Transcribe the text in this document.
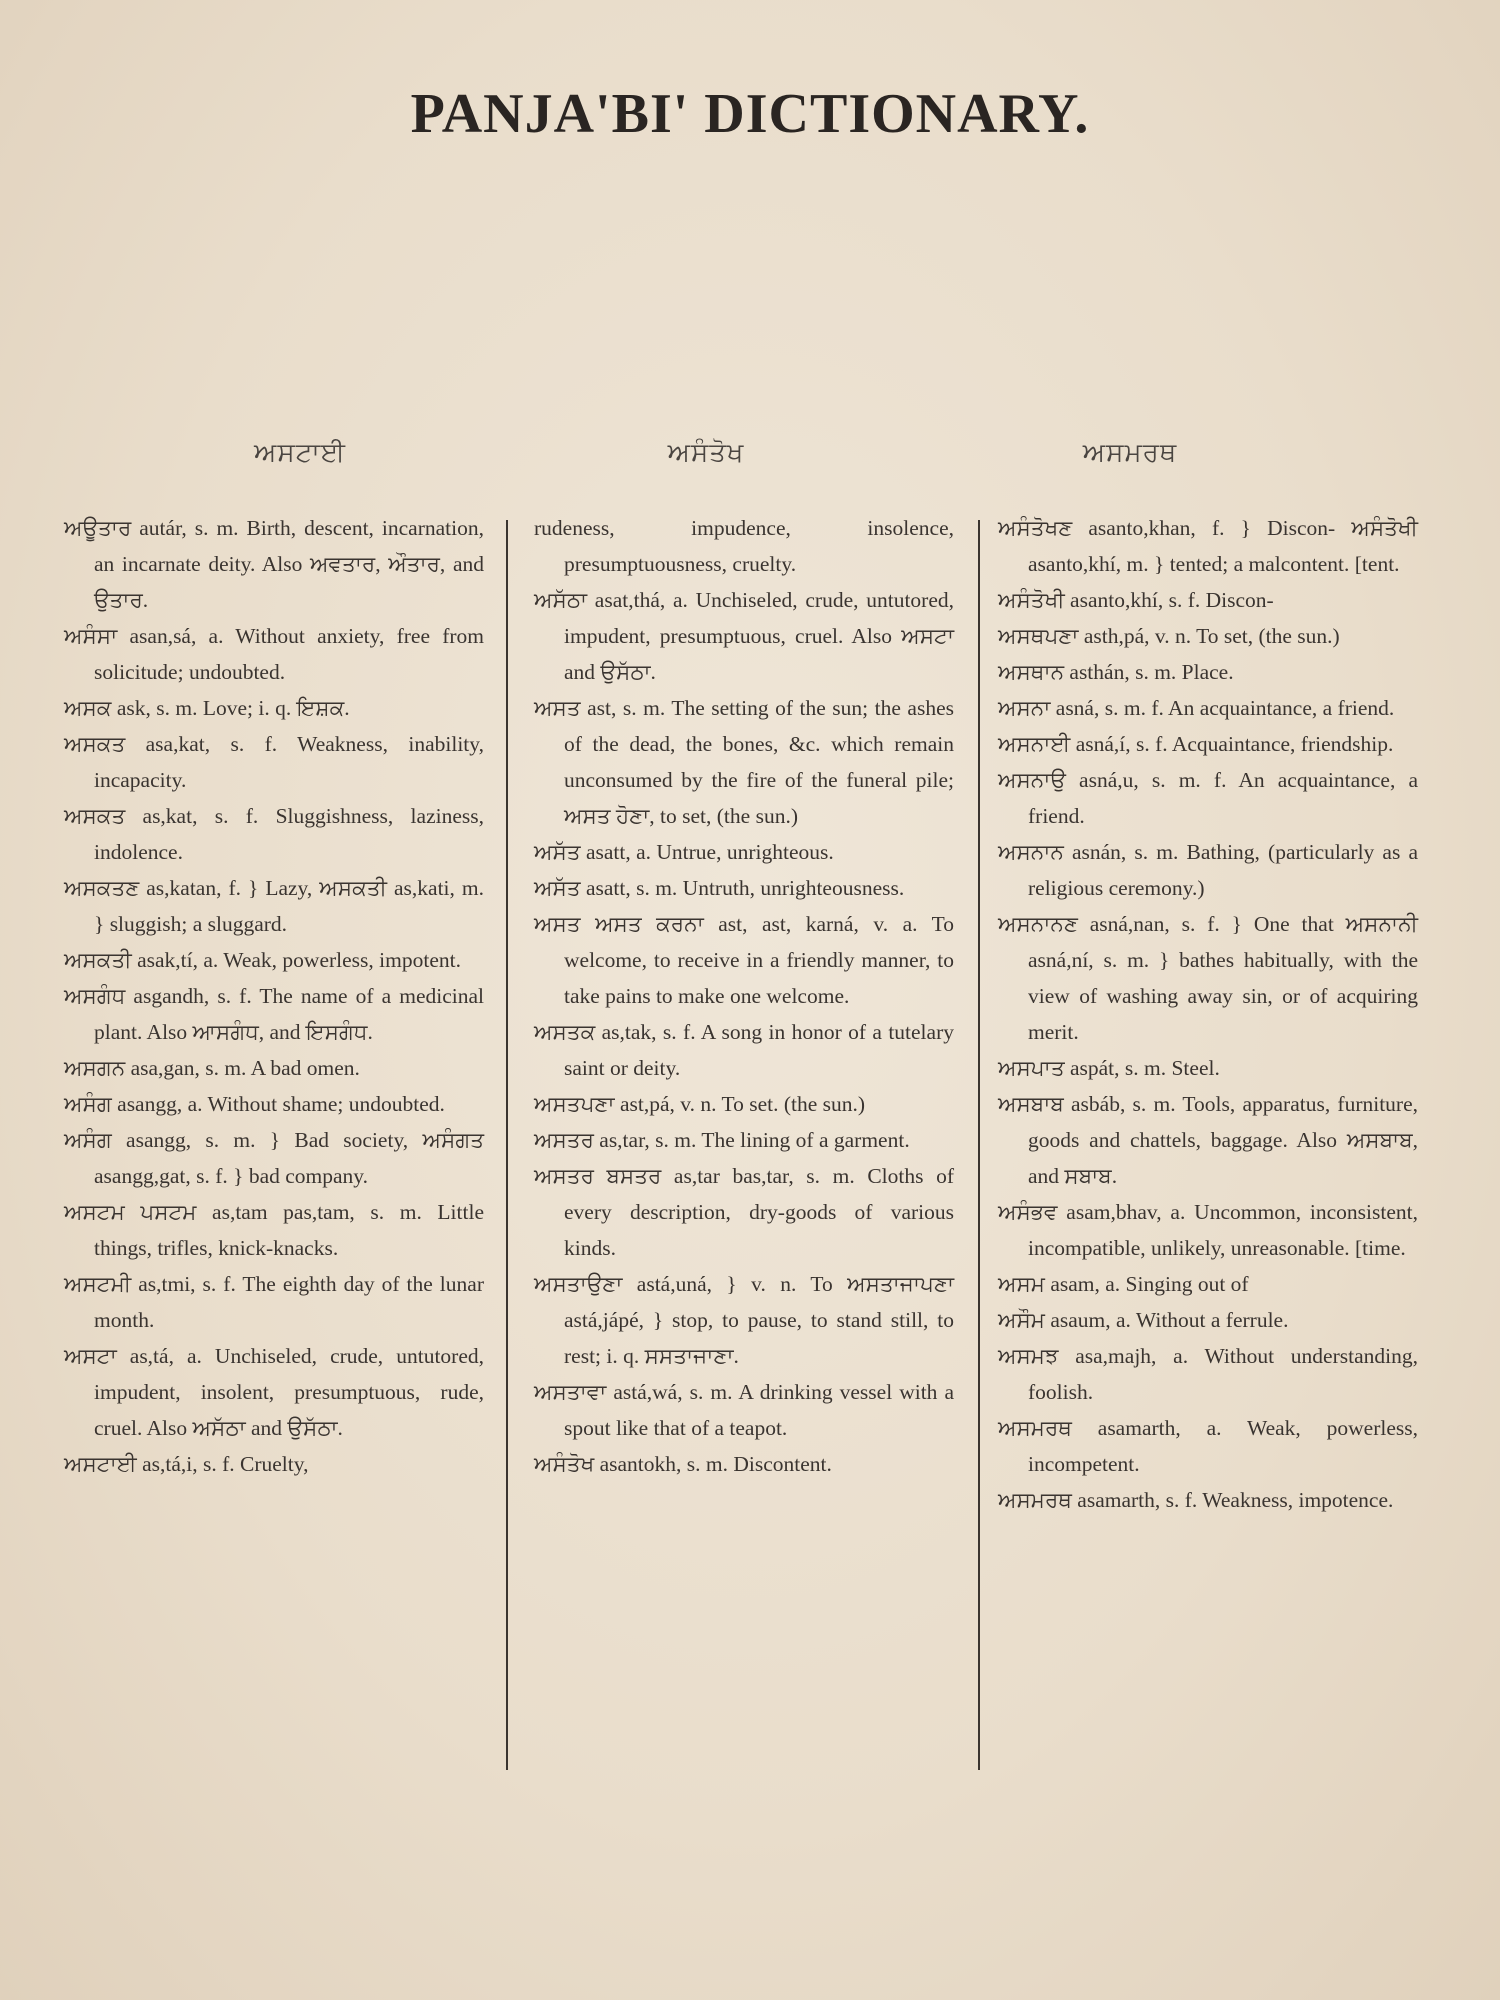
PANJA'BI' DICTIONARY.
ਅਸਟਾਈ	ਅਸੰਤੋਖ	ਅਸਮਰਥ

ਅਊਤਾਰ autár, s. m. Birth, descent, incarnation, an incarnate deity. Also ਅਵਤਾਰ, ਔਤਾਰ, and ਉਤਾਰ.

ਅਸੰਸਾ asan,sá, a. Without anxiety, free from solicitude; undoubted.

ਅਸਕ ask, s. m. Love; i. q. ਇਸ਼ਕ.

ਅਸਕਤ asa,kat, s. f. Weakness, inability, incapacity.

ਅਸਕਤ as,kat, s. f. Sluggishness, laziness, indolence.

ਅਸਕਤਣ as,katan, f. } Lazy, ਅਸਕਤੀ as,kati, m. } sluggish; a sluggard.

ਅਸਕਤੀ asak,tí, a. Weak, powerless, impotent.

ਅਸਗੰਧ asgandh, s. f. The name of a medicinal plant. Also ਆਸਗੰਧ, and ਇਸਗੰਧ.

ਅਸਗਨ asa,gan, s. m. A bad omen.

ਅਸੰਗ asangg, a. Without shame; undoubted.

ਅਸੰਗ asangg, s. m. } Bad society, ਅਸੰਗਤ asangg,gat, s. f. } bad company.

ਅਸਟਮ ਪਸਟਮ as,tam pas,tam, s. m. Little things, trifles, knick-knacks.

ਅਸਟਮੀ as,tmi, s. f. The eighth day of the lunar month.

ਅਸਟਾ as,tá, a. Unchiseled, crude, untutored, impudent, insolent, presumptuous, rude, cruel. Also ਅਸੱਠਾ and ਉਸੱਠਾ.

ਅਸਟਾਈ as,tá,i, s. f. Cruelty,

rudeness, impudence, insolence, presumptuousness, cruelty.

ਅਸੱਠਾ asat,thá, a. Unchiseled, crude, untutored, impudent, presumptuous, cruel. Also ਅਸਟਾ and ਉਸੱਠਾ.

ਅਸਤ ast, s. m. The setting of the sun; the ashes of the dead, the bones, &c. which remain unconsumed by the fire of the funeral pile; ਅਸਤ ਹੋਣਾ, to set, (the sun.)

ਅਸੱਤ asatt, a. Untrue, unrighteous.

ਅਸੱਤ asatt, s. m. Untruth, unrighteousness.

ਅਸਤ ਅਸਤ ਕਰਨਾ ast, ast, karná, v. a. To welcome, to receive in a friendly manner, to take pains to make one welcome.

ਅਸਤਕ as,tak, s. f. A song in honor of a tutelary saint or deity.

ਅਸਤਪਣਾ ast,pá, v. n. To set. (the sun.)

ਅਸਤਰ as,tar, s. m. The lining of a garment.

ਅਸਤਰ ਬਸਤਰ as,tar bas,tar, s. m. Cloths of every description, dry-goods of various kinds.

ਅਸਤਾਉਣਾ astá,uná, } v. n. To ਅਸਤਾਜਾਪਣਾ astá,jápé, } stop, to pause, to stand still, to rest; i. q. ਸਸਤਾਜਾਣਾ.

ਅਸਤਾਵਾ astá,wá, s. m. A drinking vessel with a spout like that of a teapot.

ਅਸੰਤੋਖ asantokh, s. m. Discontent.

ਅਸੰਤੋਖਣ asanto,khan, f. } Discon- ਅਸੰਤੋਖੀ asanto,khí, m. } tented; a malcontent. [tent.

ਅਸੰਤੋਖੀ asanto,khí, s. f. Discon-

ਅਸਥਪਣਾ asth,pá, v. n. To set, (the sun.)

ਅਸਥਾਨ asthán, s. m. Place.

ਅਸਨਾ asná, s. m. f. An acquaintance, a friend.

ਅਸਨਾਈ asná,í, s. f. Acquaintance, friendship.

ਅਸਨਾਉ asná,u, s. m. f. An acquaintance, a friend.

ਅਸਨਾਨ asnán, s. m. Bathing, (particularly as a religious ceremony.)

ਅਸਨਾਨਣ asná,nan, s. f. } One that ਅਸਨਾਨੀ asná,ní, s. m. } bathes habitually, with the view of washing away sin, or of acquiring merit.

ਅਸਪਾਤ aspát, s. m. Steel.

ਅਸਬਾਬ asbáb, s. m. Tools, apparatus, furniture, goods and chattels, baggage. Also ਅਸਬਾਬ, and ਸਬਾਬ.

ਅਸੰਭਵ asam,bhav, a. Uncommon, inconsistent, incompatible, unlikely, unreasonable. [time.

ਅਸਮ asam, a. Singing out of

ਅਸੌਮ asaum, a. Without a ferrule.

ਅਸਮਝ asa,majh, a. Without understanding, foolish.

ਅਸਮਰਥ asamarth, a. Weak, powerless, incompetent.

ਅਸਮਰਥ asamarth, s. f. Weakness, impotence.
